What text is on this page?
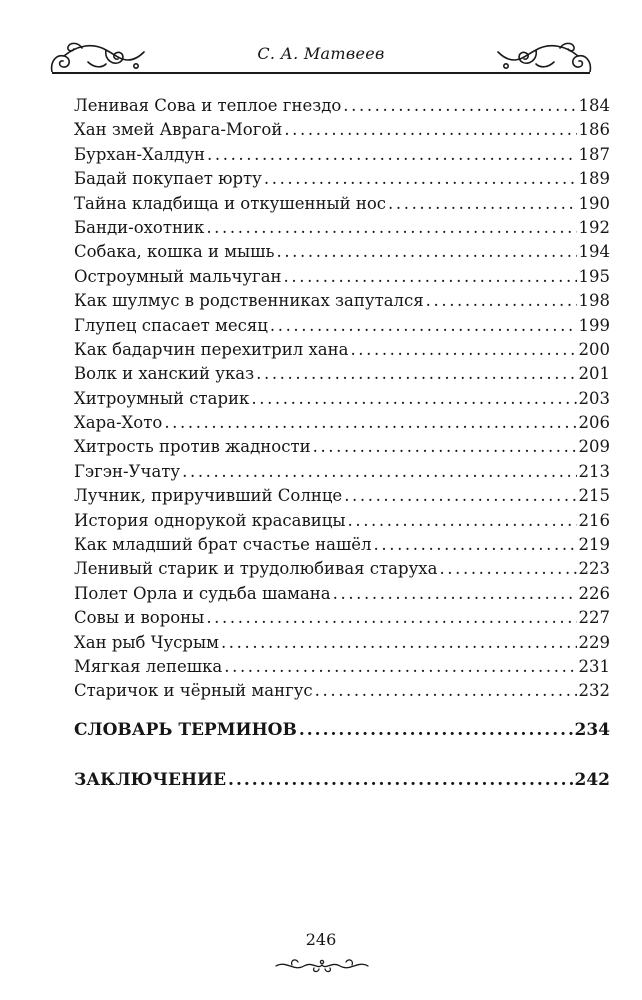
С. А. Матвеев
Ленивая Сова и теплое гнездо .....	184
Хан змей Аврага-Могой .....	186
Бурхан-Халдун .....	187
Бадай покупает юрту .....	189
Тайна кладбища и откушенный нос .....	190
Банди-охотник .....	192
Собака, кошка и мышь .....	194
Остроумный мальчуган .....	195
Как шулмус в родственниках запутался .....	198
Глупец спасает месяц .....	199
Как бадарчин перехитрил хана .....	200
Волк и ханский указ .....	201
Хитроумный старик .....	203
Хара-Хото .....	206
Хитрость против жадности .....	209
Гэгэн-Учату .....	213
Лучник, приручивший Солнце .....	215
История однорукой красавицы .....	216
Как младший брат счастье нашёл .....	219
Ленивый старик и трудолюбивая старуха .....	223
Полет Орла и судьба шамана .....	226
Совы и вороны .....	227
Хан рыб Чусрым .....	229
Мягкая лепешка .....	231
Старичок и чёрный мангус .....	232
СЛОВАРЬ ТЕРМИНОВ .....	234
ЗАКЛЮЧЕНИЕ .....	242
246
